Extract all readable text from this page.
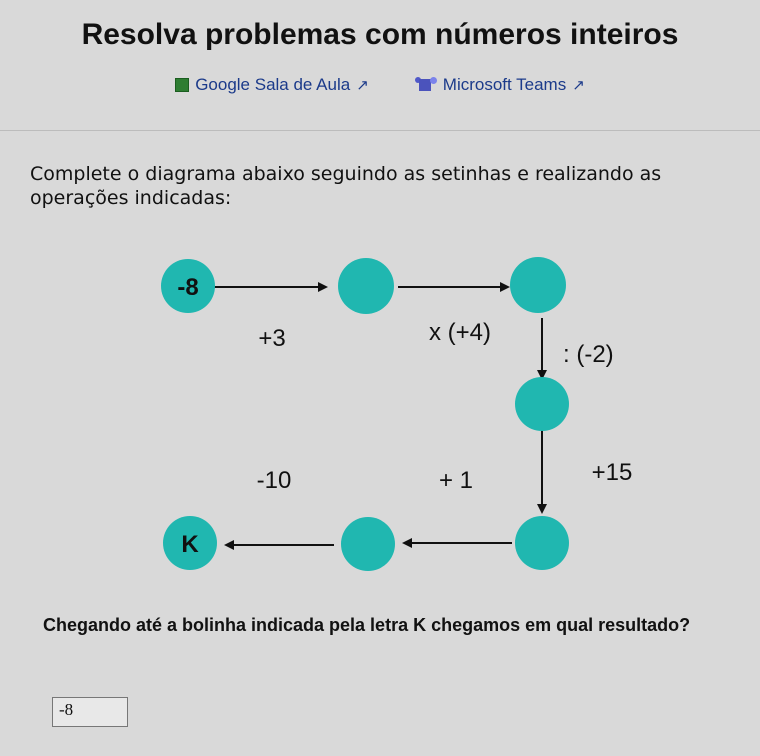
Resolva problemas com números inteiros
Google Sala de Aula ↗	Microsoft Teams ↗
Complete o diagrama abaixo seguindo as setinhas e realizando as operações indicadas:
-8
K
+3	x (+4)
: (-2)
+15
+ 1
-10
Chegando até a bolinha indicada pela letra K chegamos em qual resultado?
-8
